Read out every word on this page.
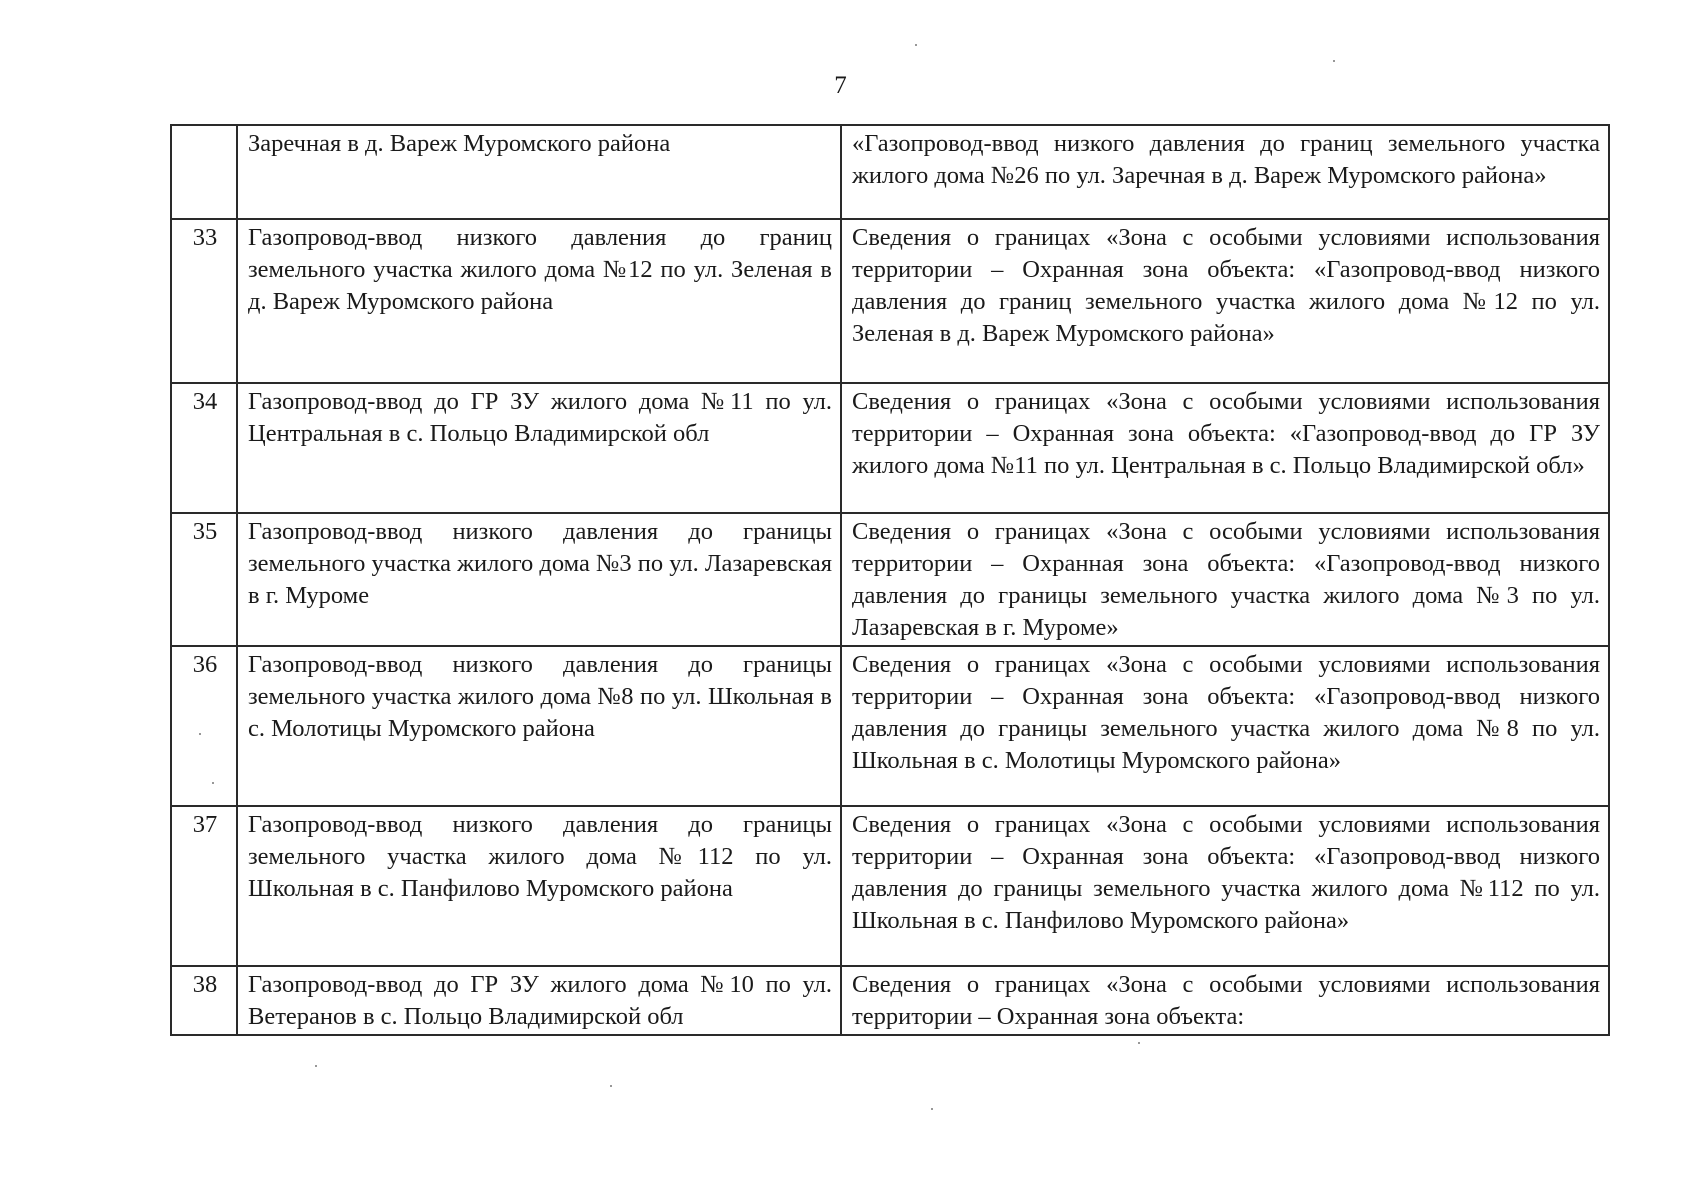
7
	Заречная в д. Вареж Муромского района	«Газопровод-ввод низкого давления до границ земельного участка жилого дома №26 по ул. Заречная в д. Вареж Муромского района»
33	Газопровод-ввод низкого давления до границ земельного участка жилого дома №12 по ул. Зеленая в д. Вареж Муромского района	Сведения о границах «Зона с особыми условиями использования территории – Охранная зона объекта: «Газопровод-ввод низкого давления до границ земельного участка жилого дома №12 по ул. Зеленая в д. Вареж Муромского района»
34	Газопровод-ввод до ГР ЗУ жилого дома №11 по ул. Центральная в с. Польцо Владимирской обл	Сведения о границах «Зона с особыми условиями использования территории – Охранная зона объекта: «Газопровод-ввод до ГР ЗУ жилого дома №11 по ул. Центральная в с. Польцо Владимирской обл»
35	Газопровод-ввод низкого давления до границы земельного участка жилого дома №3 по ул. Лазаревская в г. Муроме	Сведения о границах «Зона с особыми условиями использования территории – Охранная зона объекта: «Газопровод-ввод низкого давления до границы земельного участка жилого дома №3 по ул. Лазаревская в г. Муроме»
36	Газопровод-ввод низкого давления до границы земельного участка жилого дома №8 по ул. Школьная в с. Молотицы Муромского района	Сведения о границах «Зона с особыми условиями использования территории – Охранная зона объекта: «Газопровод-ввод низкого давления до границы земельного участка жилого дома №8 по ул. Школьная в с. Молотицы Муромского района»
37	Газопровод-ввод низкого давления до границы земельного участка жилого дома №112 по ул. Школьная в с. Панфилово Муромского района	Сведения о границах «Зона с особыми условиями использования территории – Охранная зона объекта: «Газопровод-ввод низкого давления до границы земельного участка жилого дома №112 по ул. Школьная в с. Панфилово Муромского района»
38	Газопровод-ввод до ГР ЗУ жилого дома №10 по ул. Ветеранов в с. Польцо Владимирской обл	Сведения о границах «Зона с особыми условиями использования территории – Охранная зона объекта:
